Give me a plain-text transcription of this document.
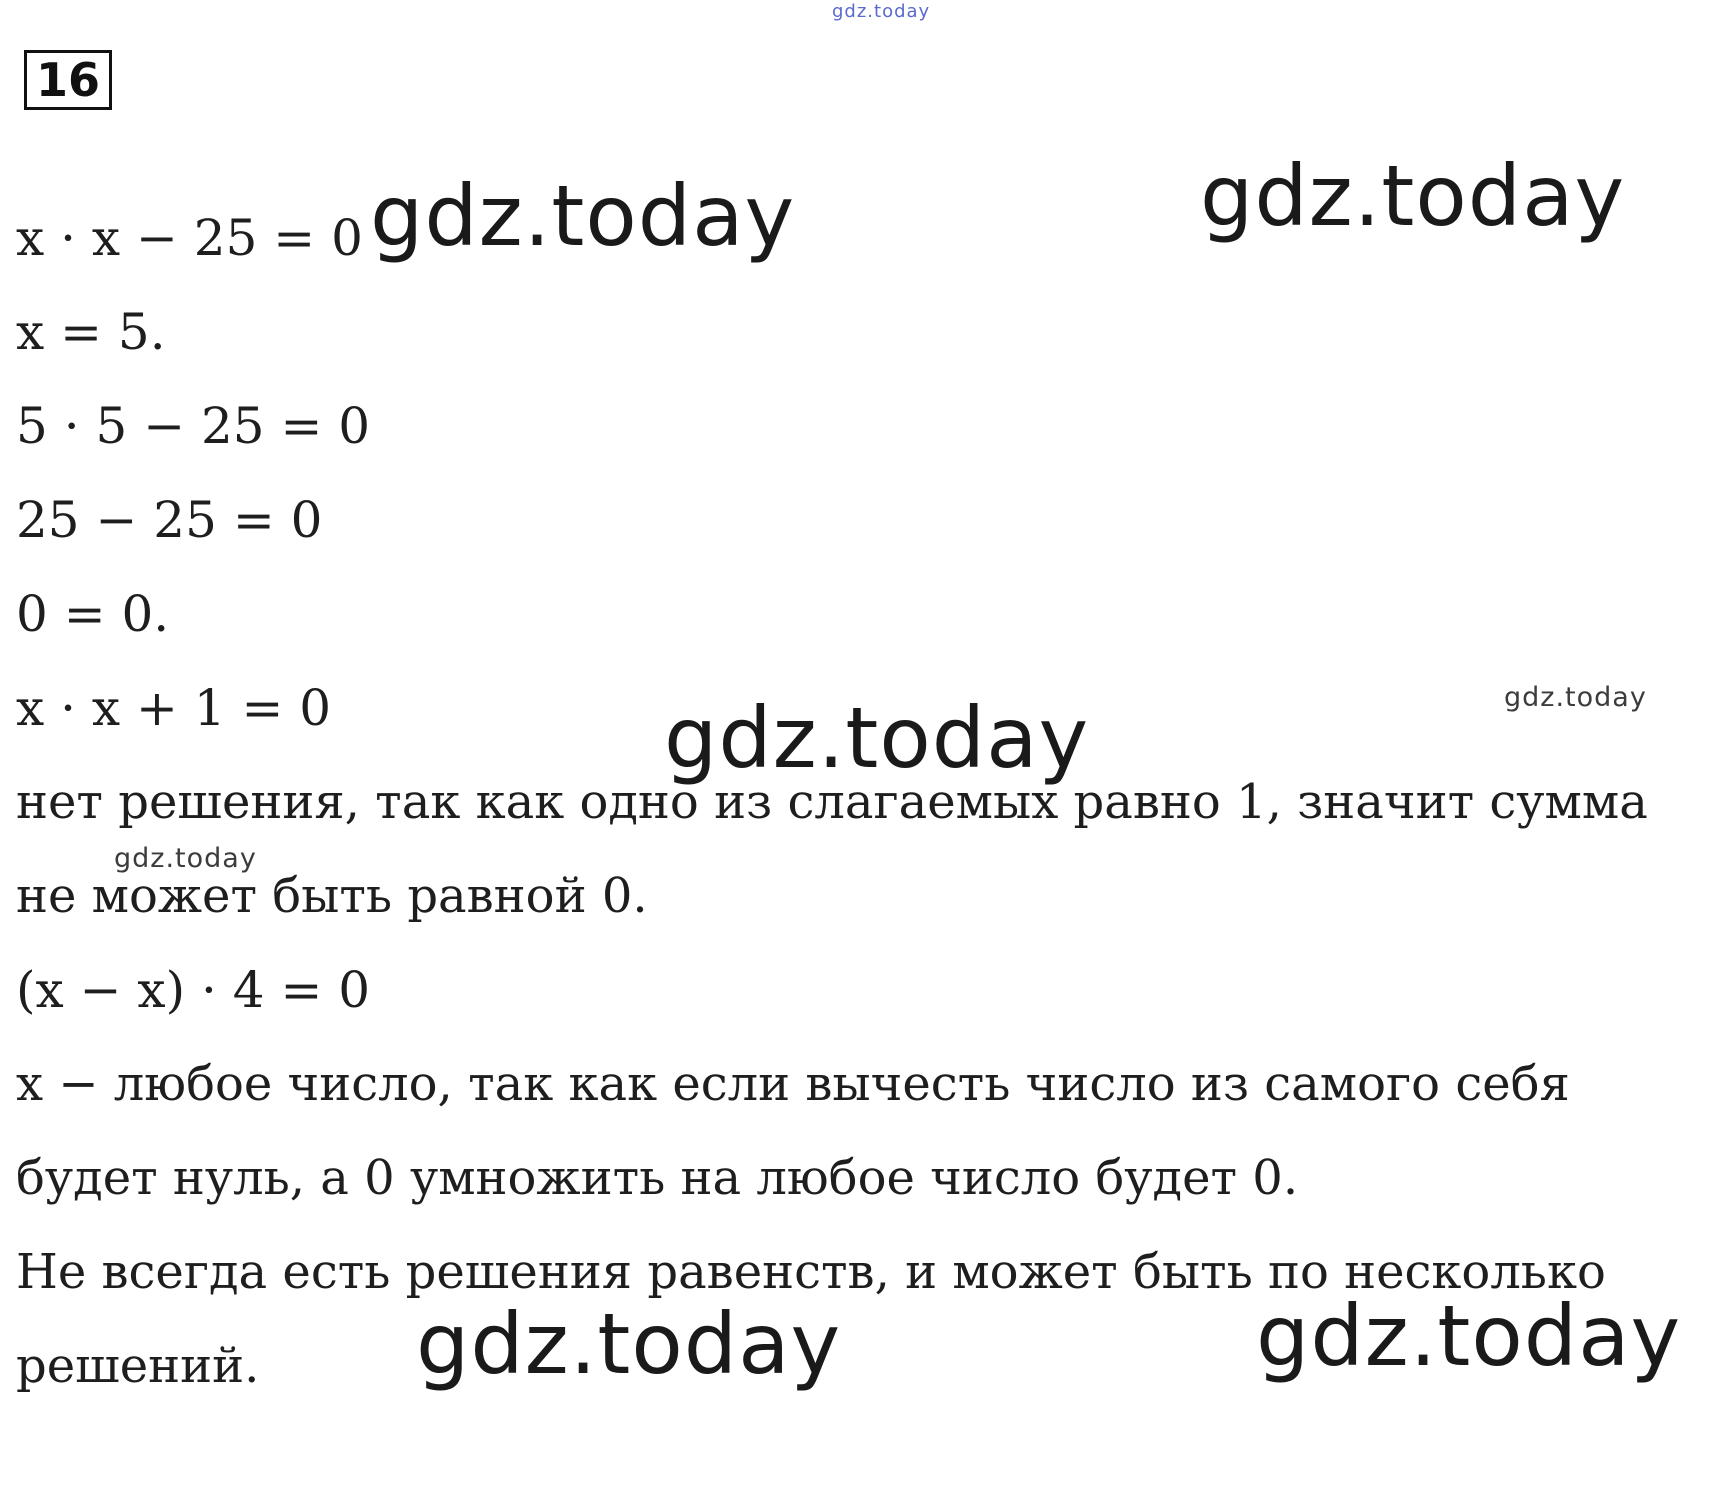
16
gdz.today
x · x − 25 = 0
x = 5.
5 · 5 − 25 = 0
25 − 25 = 0
0 = 0.
x · x + 1 = 0
нет решения, так как одно из слагаемых равно 1, значит сумма
не может быть равной 0.
(x − x) · 4 = 0
x − любое число, так как если вычесть число из самого себя
будет нуль, а 0 умножить на любое число будет 0.
Не всегда есть решения равенств, и может быть по несколько
решений.
gdz.today	gdz.today
gdz.today
gdz.today	gdz.today
gdz.today
gdz.today
